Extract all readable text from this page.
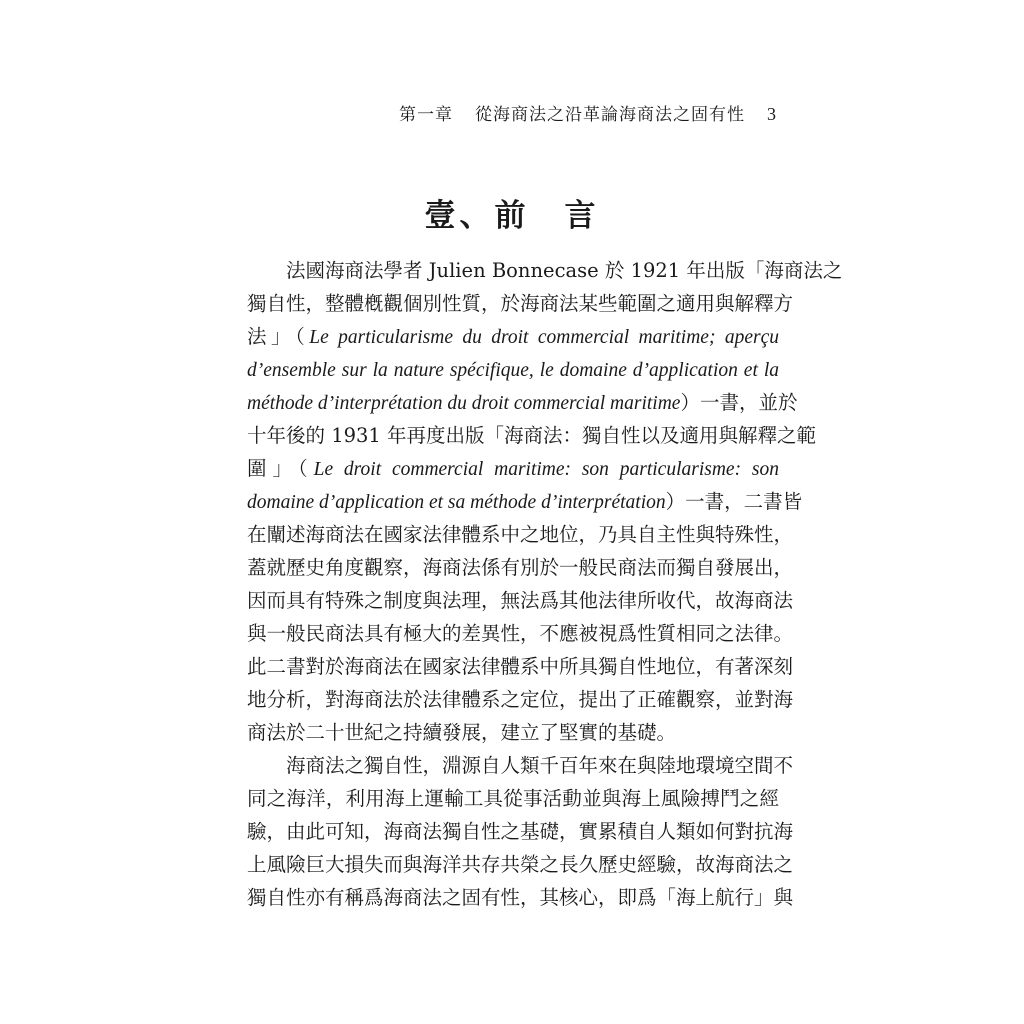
第一章 從海商法之沿革論海商法之固有性 3
壹、前　言
法國海商法學者 Julien Bonnecase 於 1921 年出版「海商法之
獨自性，整體槪觀個別性質，於海商法某些範圍之適用與解釋方
法」（Le particularisme du droit commercial maritime; aperçu
d’ensemble sur la nature spécifique, le domaine d’application et la
méthode d’interprétation du droit commercial maritime）一書，並於
十年後的 1931 年再度出版「海商法：獨自性以及適用與解釋之範
圍」（Le droit commercial maritime: son particularisme: son
domaine d’application et sa méthode d’interprétation）一書，二書皆
在闡述海商法在國家法律體系中之地位，乃具自主性與特殊性，
蓋就歷史角度觀察，海商法係有別於一般民商法而獨自發展出，
因而具有特殊之制度與法理，無法爲其他法律所收代，故海商法
與一般民商法具有極大的差異性，不應被視爲性質相同之法律。
此二書對於海商法在國家法律體系中所具獨自性地位，有著深刻
地分析，對海商法於法律體系之定位，提出了正確觀察，並對海
商法於二十世紀之持續發展，建立了堅實的基礎。
海商法之獨自性，淵源自人類千百年來在與陸地環境空間不
同之海洋，利用海上運輸工具從事活動並與海上風險搏鬥之經
驗，由此可知，海商法獨自性之基礎，實累積自人類如何對抗海
上風險巨大損失而與海洋共存共榮之長久歷史經驗，故海商法之
獨自性亦有稱爲海商法之固有性，其核心，即爲「海上航行」與
